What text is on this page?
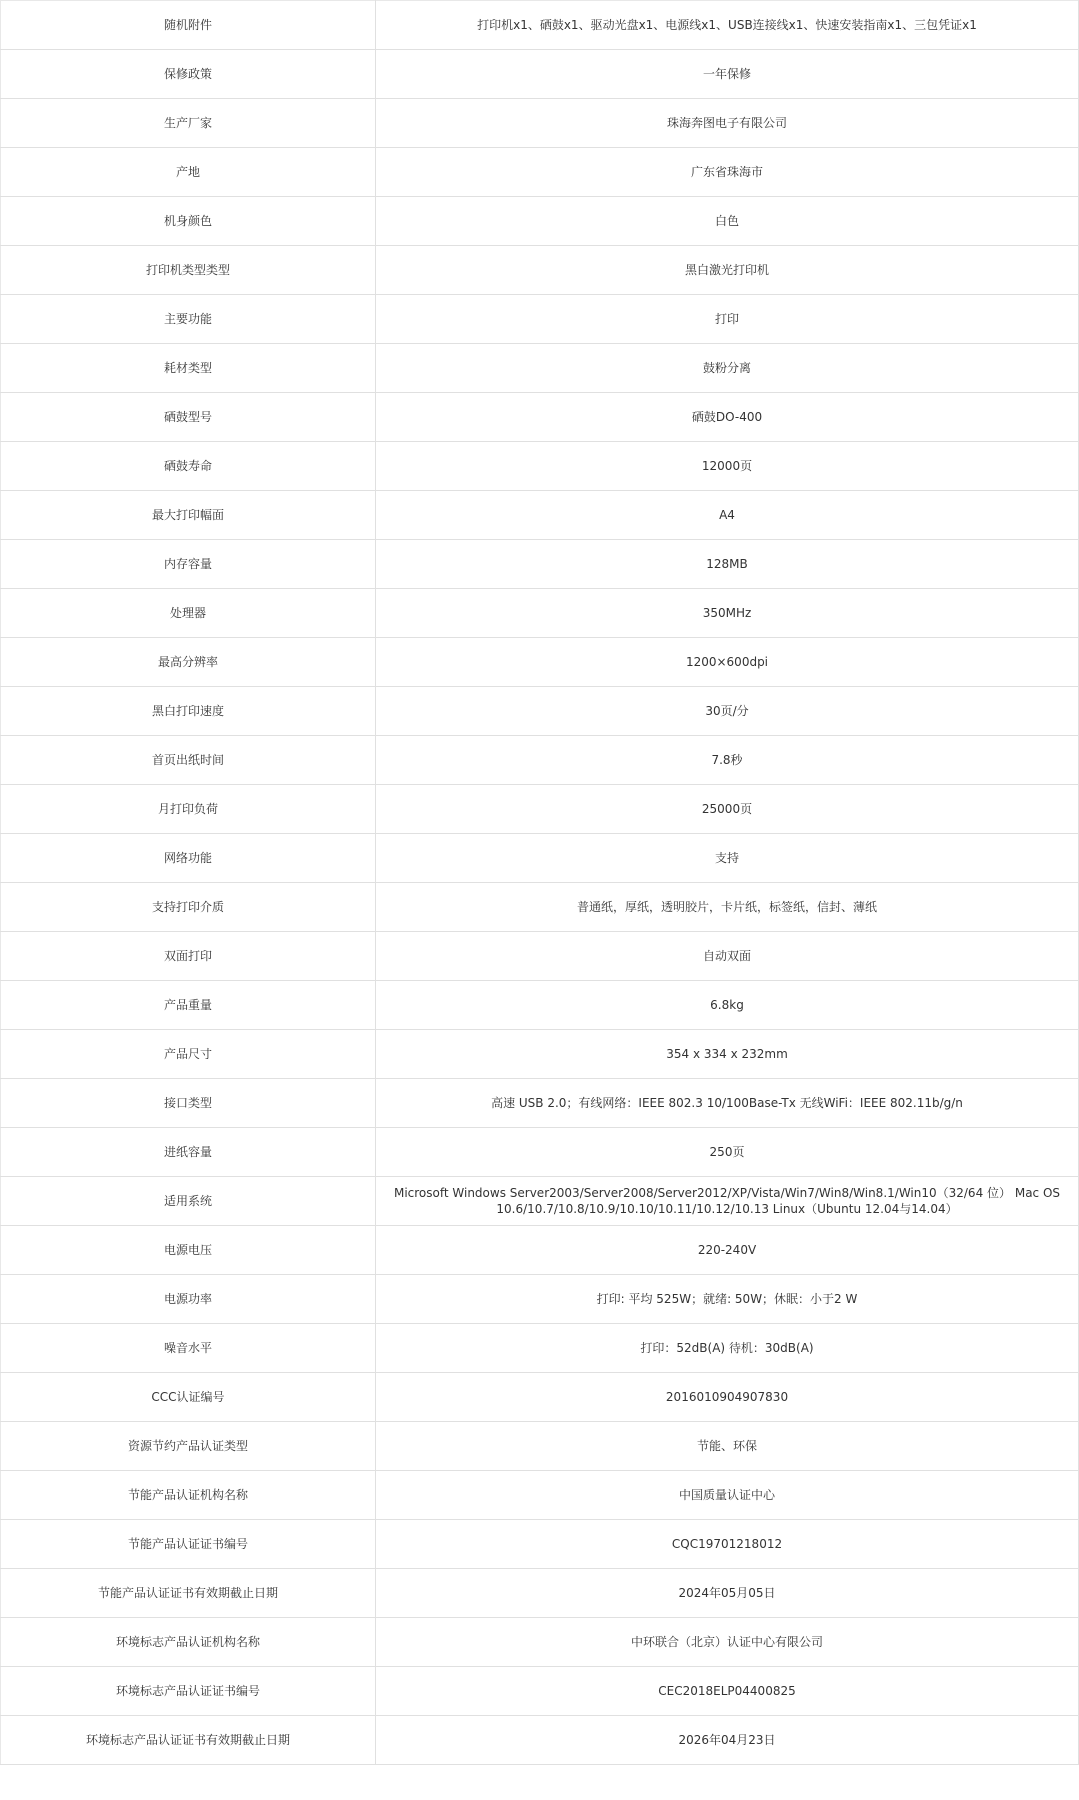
随机附件	打印机x1、硒鼓x1、驱动光盘x1、电源线x1、USB连接线x1、快速安装指南x1、三包凭证x1
保修政策	一年保修
生产厂家	珠海奔图电子有限公司
产地	广东省珠海市
机身颜色	白色
打印机类型类型	黑白激光打印机
主要功能	打印
耗材类型	鼓粉分离
硒鼓型号	硒鼓DO-400
硒鼓寿命	12000页
最大打印幅面	A4
内存容量	128MB
处理器	350MHz
最高分辨率	1200×600dpi
黑白打印速度	30页/分
首页出纸时间	7.8秒
月打印负荷	25000页
网络功能	支持
支持打印介质	普通纸，厚纸，透明胶片，卡片纸，标签纸，信封、薄纸
双面打印	自动双面
产品重量	6.8kg
产品尺寸	354 x 334 x 232mm
接口类型	高速 USB 2.0；有线网络：IEEE 802.3 10/100Base-Tx 无线WiFi：IEEE 802.11b/g/n
进纸容量	250页
适用系统	Microsoft Windows Server2003/Server2008/Server2012/XP/Vista/Win7/Win8/Win8.1/Win10（32/64 位） Mac OS 10.6/10.7/10.8/10.9/10.10/10.11/10.12/10.13 Linux（Ubuntu 12.04与14.04）
电源电压	220-240V
电源功率	打印: 平均 525W；就绪: 50W；休眠：小于2 W
噪音水平	打印：52dB(A) 待机：30dB(A)
CCC认证编号	2016010904907830
资源节约产品认证类型	节能、环保
节能产品认证机构名称	中国质量认证中心
节能产品认证证书编号	CQC19701218012
节能产品认证证书有效期截止日期	2024年05月05日
环境标志产品认证机构名称	中环联合（北京）认证中心有限公司
环境标志产品认证证书编号	CEC2018ELP04400825
环境标志产品认证证书有效期截止日期	2026年04月23日
